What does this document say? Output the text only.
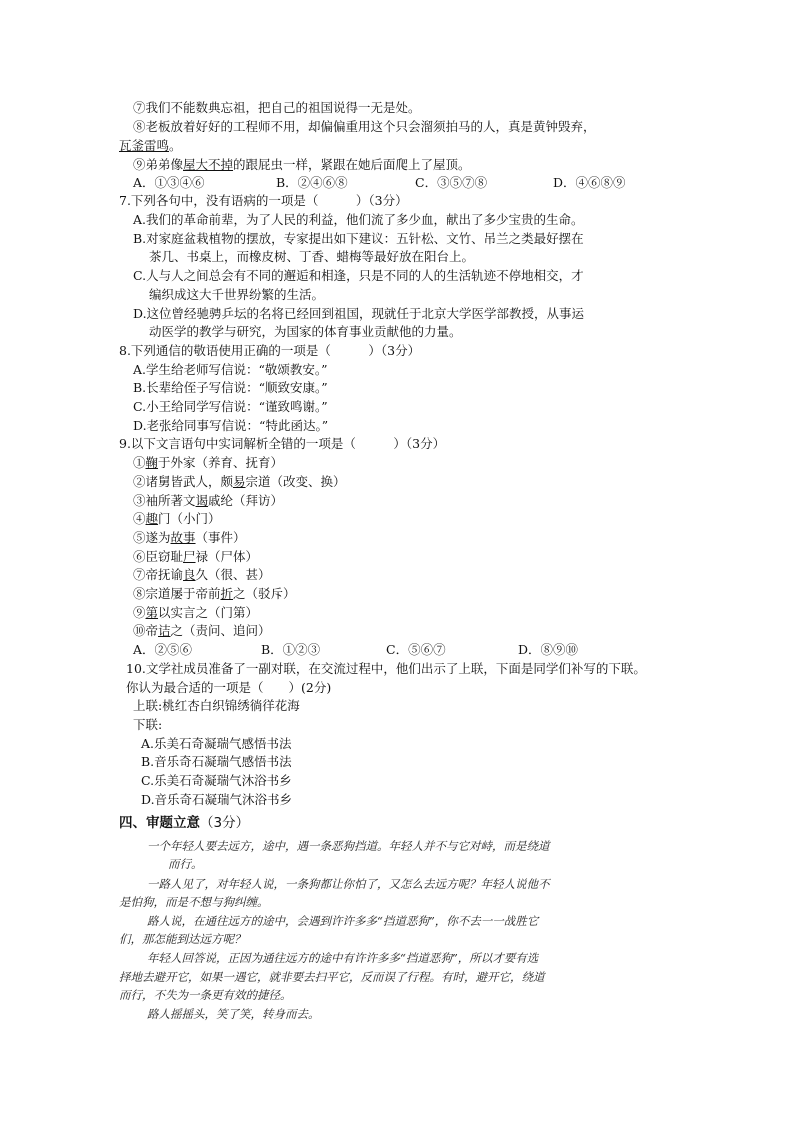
⑦我们不能数典忘祖，把自己的祖国说得一无是处。
⑧老板放着好好的工程师不用，却偏偏重用这个只会溜须拍马的人，真是黄钟毁弃，
瓦釜雷鸣。
⑨弟弟像屋大不掉的跟屁虫一样，紧跟在她后面爬上了屋顶。
A．①③④⑥	B．②④⑥⑧	C．③⑤⑦⑧	D．④⑥⑧⑨
7.下列各句中，没有语病的一项是（　　　）（3分）
A.我们的革命前辈，为了人民的利益，他们流了多少血，献出了多少宝贵的生命。
B.对家庭盆栽植物的摆放，专家提出如下建议：五针松、文竹、吊兰之类最好摆在
茶几、书桌上，而橡皮树、丁香、蜡梅等最好放在阳台上。
C.人与人之间总会有不同的邂逅和相逢，只是不同的人的生活轨迹不停地相交，才
编织成这大千世界纷繁的生活。
D.这位曾经驰骋乒坛的名将已经回到祖国，现就任于北京大学医学部教授，从事运
动医学的教学与研究，为国家的体育事业贡献他的力量。
8.下列通信的敬语使用正确的一项是（　　　）（3分）
A.学生给老师写信说：“敬颂教安。”
B.长辈给侄子写信说：“顺致安康。”
C.小王给同学写信说：“谨致鸣谢。”
D.老张给同事写信说：“特此函达。”
9.以下文言语句中实词解析全错的一项是（　　　）（3分）
①鞠于外家（养育、抚育）
②诸舅皆武人，颇易宗道（改变、换）
③袖所著文谒戚纶（拜访）
④趣门（小门）
⑤遂为故事（事件）
⑥臣窃耻尸禄（尸体）
⑦帝抚谕良久（很、甚）
⑧宗道屡于帝前折之（驳斥）
⑨第以实言之（门第）
⑩帝诘之（责问、追问）
A．②⑤⑥	B．①②③	C．⑤⑥⑦	D．⑧⑨⑩
10.文学社成员准备了一副对联，在交流过程中，他们出示了上联，下面是同学们补写的下联。
你认为最合适的一项是（　　）(2分)
上联:桃红杏白织锦绣徜徉花海
下联:
A.乐美石奇凝瑞气感悟书法
B.音乐奇石凝瑞气感悟书法
C.乐美石奇凝瑞气沐浴书乡
D.音乐奇石凝瑞气沐浴书乡
四、审题立意（3分）
一个年轻人要去远方，途中，遇一条恶狗挡道。年轻人并不与它对峙，而是绕道
而行。
一路人见了，对年轻人说，一条狗都让你怕了，又怎么去远方呢？年轻人说他不
是怕狗，而是不想与狗纠缠。
路人说，在通往远方的途中，会遇到许许多多“挡道恶狗”，你不去一一战胜它
们，那怎能到达远方呢？
年轻人回答说，正因为通往远方的途中有许许多多“挡道恶狗”，所以才要有选
择地去避开它，如果一遇它，就非要去扫平它，反而误了行程。有时，避开它，绕道
而行，不失为一条更有效的捷径。
路人摇摇头，笑了笑，转身而去。
